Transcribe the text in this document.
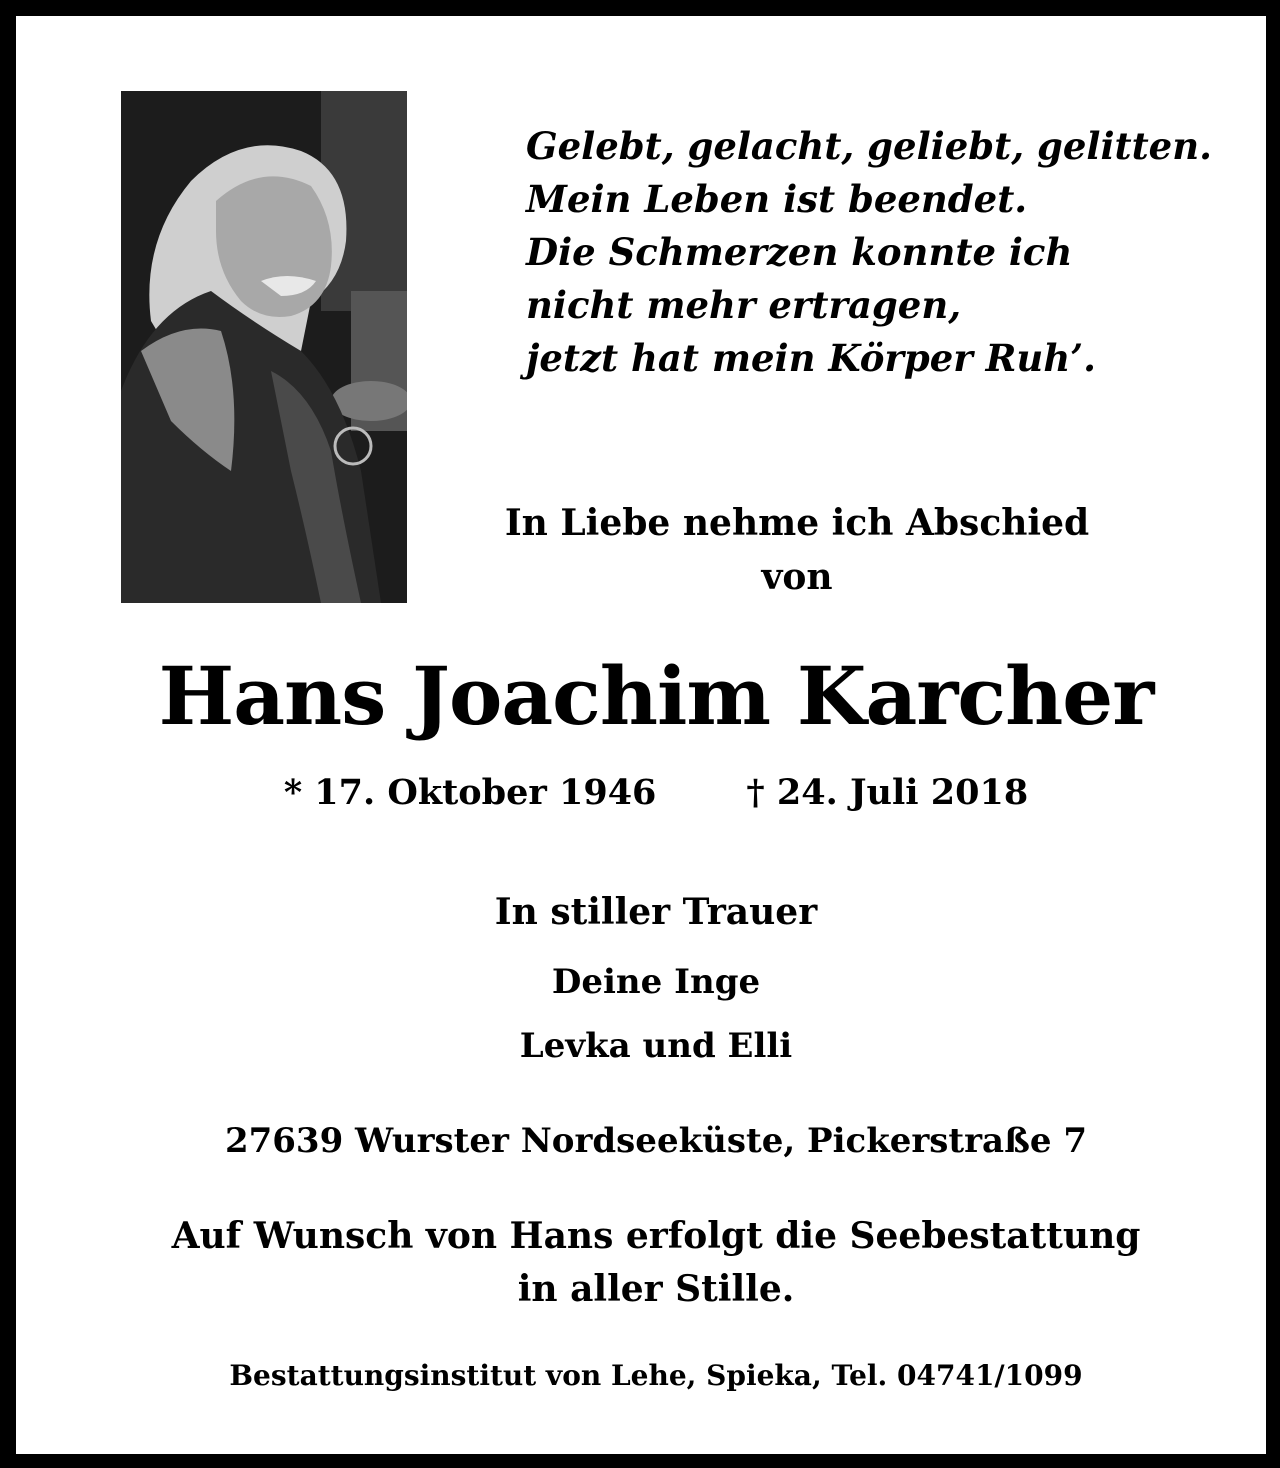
Gelebt, gelacht, geliebt, gelitten.
Mein Leben ist beendet.
Die Schmerzen konnte ich
nicht mehr ertragen,
jetzt hat mein Körper Ruh’.
In Liebe nehme ich Abschied
von
Hans Joachim Karcher
* 17. Oktober 1946	† 24. Juli 2018
In stiller Trauer
Deine Inge
Levka und Elli
27639 Wurster Nordseeküste, Pickerstraße 7
Auf Wunsch von Hans erfolgt die Seebestattung
in aller Stille.
Bestattungsinstitut von Lehe, Spieka, Tel. 04741/1099
